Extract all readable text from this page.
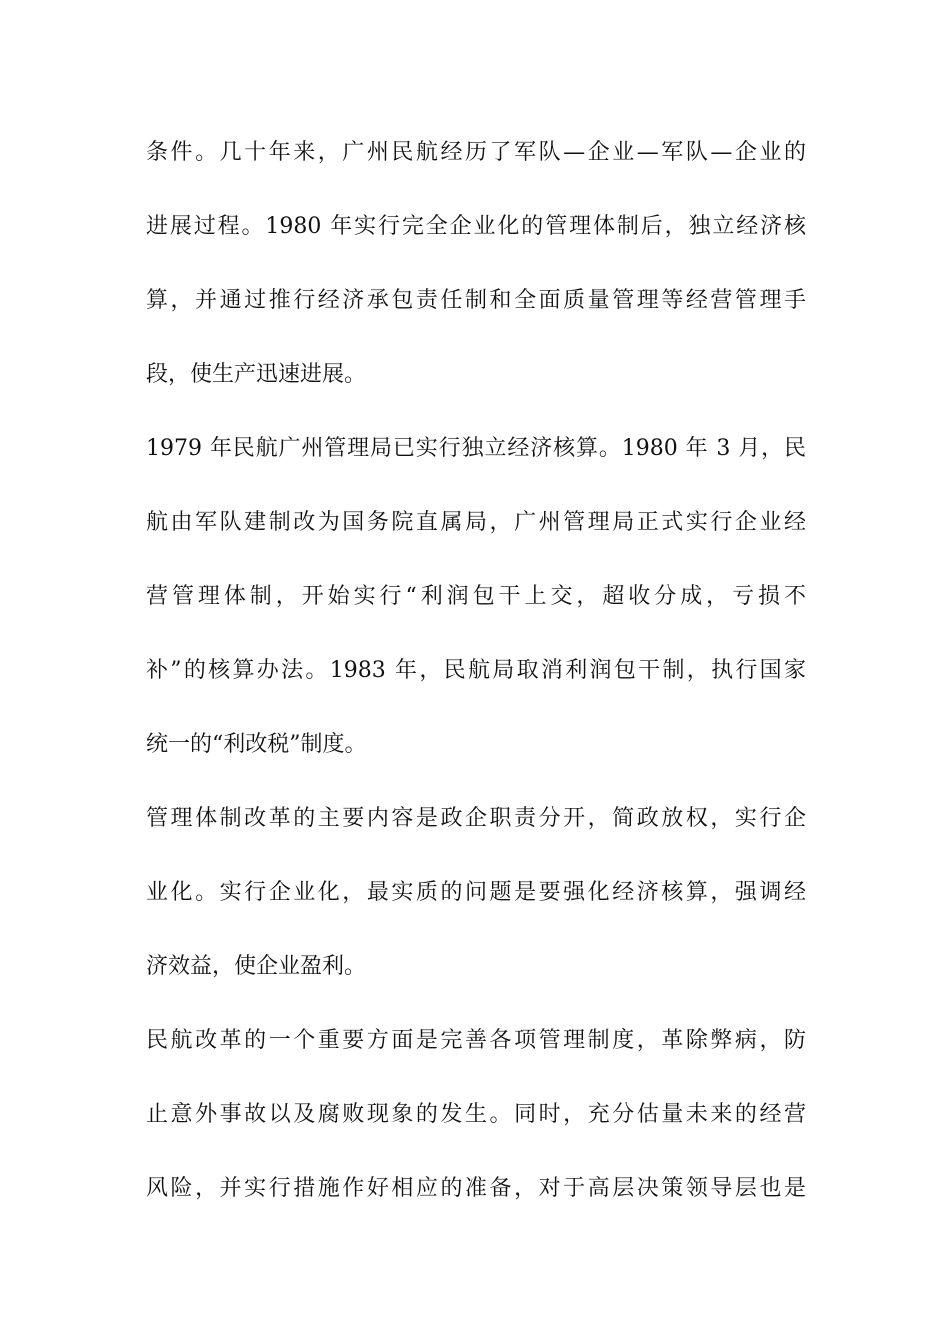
条件。几十年来，广州民航经历了军队—企业—军队—企业的
进展过程。1980 年实行完全企业化的管理体制后，独立经济核
算，并通过推行经济承包责任制和全面质量管理等经营管理手
段，使生产迅速进展。
1979 年民航广州管理局已实行独立经济核算。1980 年 3 月，民
航由军队建制改为国务院直属局，广州管理局正式实行企业经
营管理体制，开始实行“利润包干上交，超收分成，亏损不
补”的核算办法。1983 年，民航局取消利润包干制，执行国家
统一的“利改税”制度。
管理体制改革的主要内容是政企职责分开，简政放权，实行企
业化。实行企业化，最实质的问题是要强化经济核算，强调经
济效益，使企业盈利。
民航改革的一个重要方面是完善各项管理制度，革除弊病，防
止意外事故以及腐败现象的发生。同时，充分估量未来的经营
风险，并实行措施作好相应的准备，对于高层决策领导层也是
